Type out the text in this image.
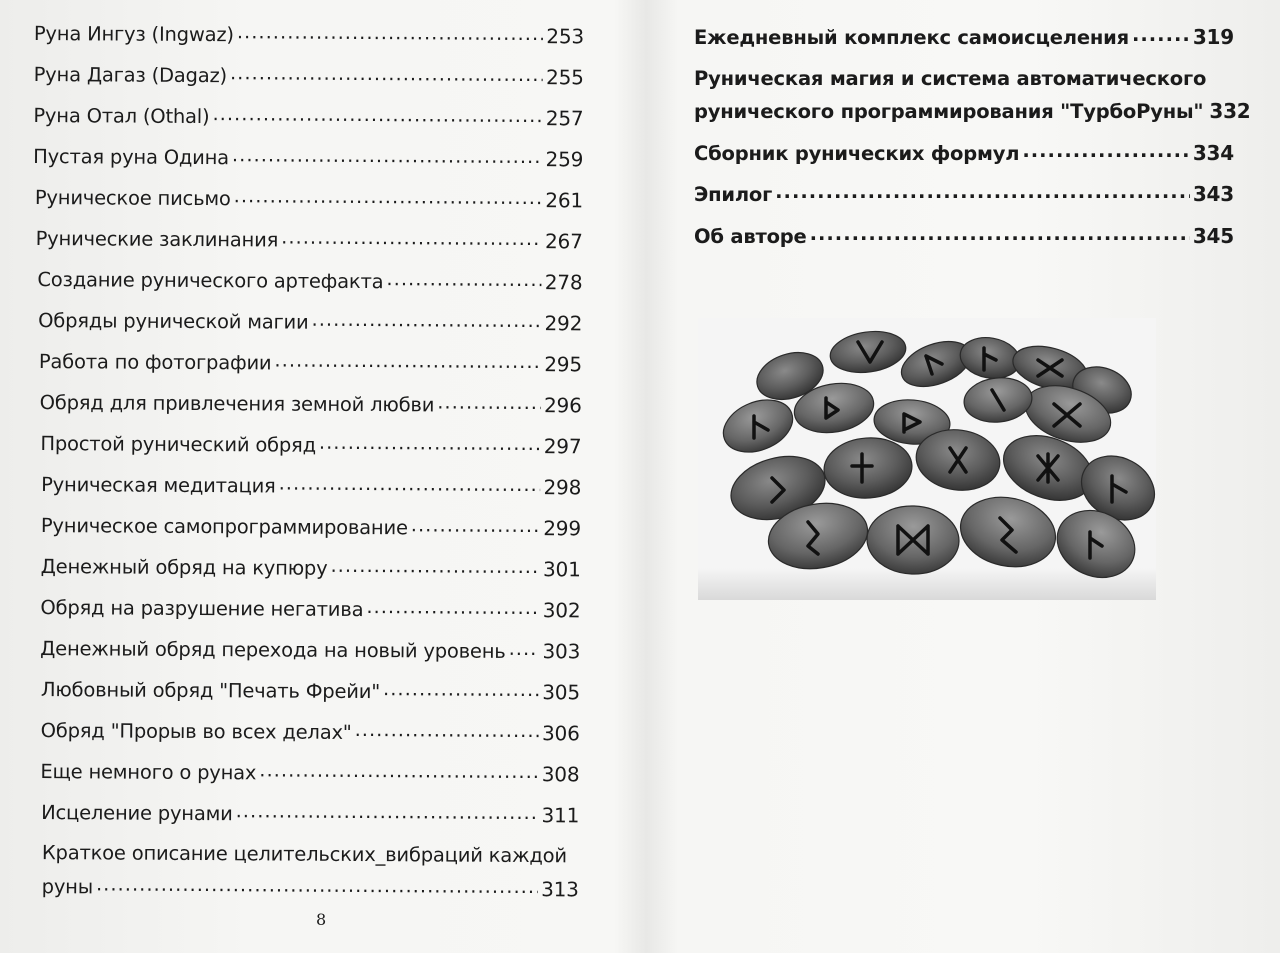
Руна Ингуз (Ingwaz) .....	253
Руна Дагаз (Dagaz) .....	255
Руна Отал (Othal) .....	257
Пустая руна Одина .....	259
Руническое письмо .....	261
Рунические заклинания .....	267
Создание рунического артефакта .....	278
Обряды рунической магии .....	292
Работа по фотографии .....	295
Обряд для привлечения земной любви .....	296
Простой рунический обряд .....	297
Руническая медитация .....	298
Руническое самопрограммирование .....	299
Денежный обряд на купюру .....	301
Обряд на разрушение негатива .....	302
Денежный обряд перехода на новый уровень ..... 303
Любовный обряд "Печать Фрейи" .....	305
Обряд "Прорыв во всех делах" .....	306
Еще немного о рунах .....	308
Исцеление рунами .....	311
Краткое описание целительских_вибраций каждой
руны .....	313
8
Ежедневный комплекс самоисцеления .....	319
Руническая магия и система автоматического
рунического программирования "ТурбоРуны" 332
Сборник рунических формул .....	334
Эпилог .....	343
Об авторе .....	345
